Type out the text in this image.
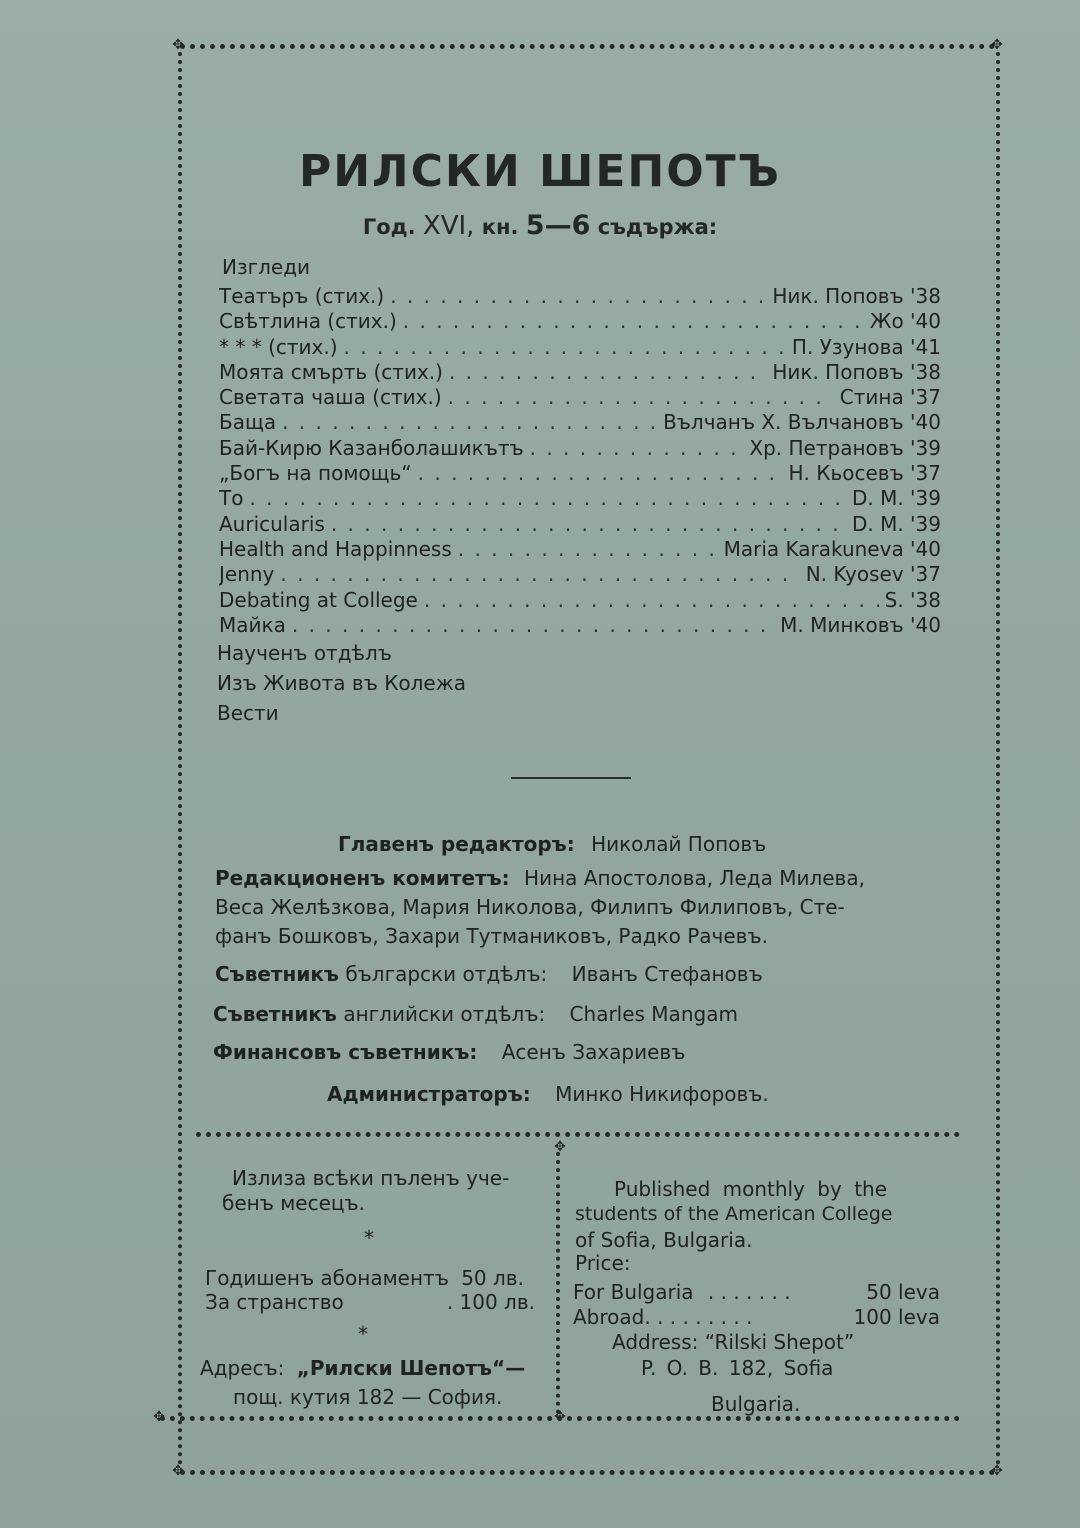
✥	✥
✥	✥
✥
✥
✥
РИЛСКИ ШЕПОТЪ
Год. XVI, кн. 5—6 съдържа:
Изгледи
Театъръ (стих.) . . .	Ник. Поповъ '38
Свѣтлина (стих.) . . .	Жо '40
* * * (стих.) . . .	П. Узунова '41
Моята смърть (стих.) . . .	Ник. Поповъ '38
Светата чаша (стих.) . . .	Стина '37
Баща . . .	Вълчанъ Х. Вълчановъ '40
Бай-Кирю Казанболашикътъ . . .	Хр. Петрановъ '39
„Богъ на помощь“ . . .	Н. Кьосевъ '37
То . . .	D. M. '39
Auricularis . . .	D. M. '39
Health and Happinness . . .	Maria Karakuneva '40
Jenny . . .	N. Kyosev '37
Debating at College . . .	S. '38
Майка . . .	М. Минковъ '40
Наученъ отдѣлъ
Изъ Живота въ Колежа
Вести
Главенъ редакторъ: Николай Поповъ
Редакционенъ комитетъ: Нина Апостолова, Леда Милева,
Веса Желѣзкова, Мария Николова, Филипъ Филиповъ, Сте-
фанъ Бошковъ, Захари Тутманиковъ, Радко Рачевъ.
Съветникъ български отдѣлъ: Иванъ Стефановъ
Съветникъ английски отдѣлъ: Charles Mangam
Финансовъ съветникъ: Асенъ Захариевъ
Администраторъ: Минко Никифоровъ.
Излиза всѣки пъленъ уче-
бенъ месецъ.
*
Годишенъ абонаментъ 50 лв.
За странство	. 100 лв.
*
Адресъ: „Рилски Шепотъ“—
пощ. кутия 182 — София.
Published monthly by the
students of the American College
of Sofia, Bulgaria.
Price:
For Bulgaria . . . . . . .	50 leva
Abroad. . . . . . . . .	100 leva
Address: “Rilski Shepot”
P. O. B. 182, Sofia
Bulgaria.
